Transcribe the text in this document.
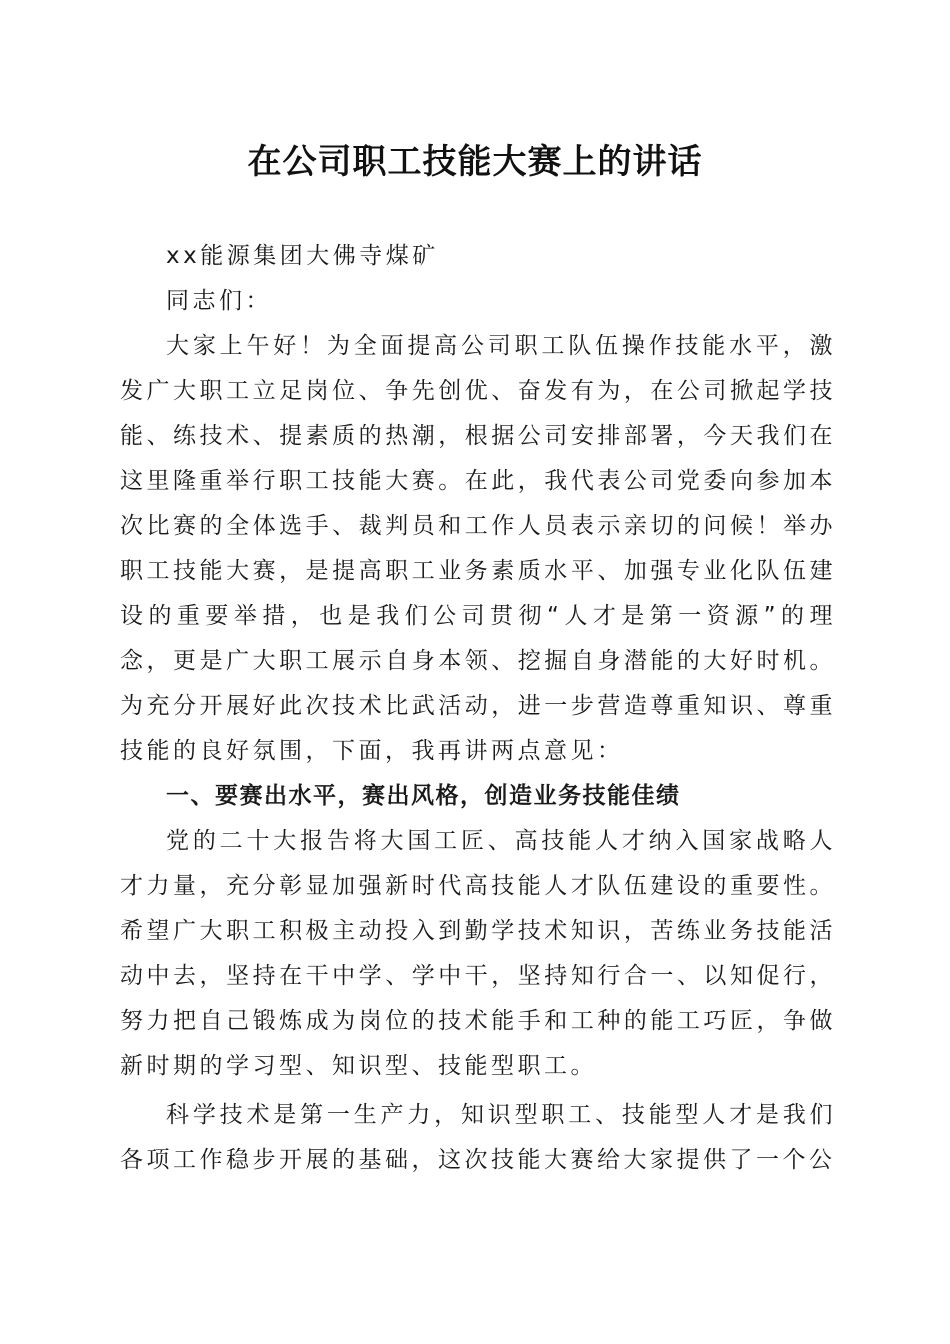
在公司职工技能大赛上的讲话

xx能源集团大佛寺煤矿

同志们：

大家上午好！为全面提高公司职工队伍操作技能水平，激发广大职工立足岗位、争先创优、奋发有为，在公司掀起学技能、练技术、提素质的热潮，根据公司安排部署，今天我们在这里隆重举行职工技能大赛。在此，我代表公司党委向参加本次比赛的全体选手、裁判员和工作人员表示亲切的问候！举办职工技能大赛，是提高职工业务素质水平、加强专业化队伍建设的重要举措，也是我们公司贯彻“人才是第一资源”的理念，更是广大职工展示自身本领、挖掘自身潜能的大好时机。为充分开展好此次技术比武活动，进一步营造尊重知识、尊重技能的良好氛围，下面，我再讲两点意见：

一、要赛出水平，赛出风格，创造业务技能佳绩

党的二十大报告将大国工匠、高技能人才纳入国家战略人才力量，充分彰显加强新时代高技能人才队伍建设的重要性。希望广大职工积极主动投入到勤学技术知识，苦练业务技能活动中去，坚持在干中学、学中干，坚持知行合一、以知促行，努力把自己锻炼成为岗位的技术能手和工种的能工巧匠，争做新时期的学习型、知识型、技能型职工。

科学技术是第一生产力，知识型职工、技能型人才是我们各项工作稳步开展的基础，这次技能大赛给大家提供了一个公
